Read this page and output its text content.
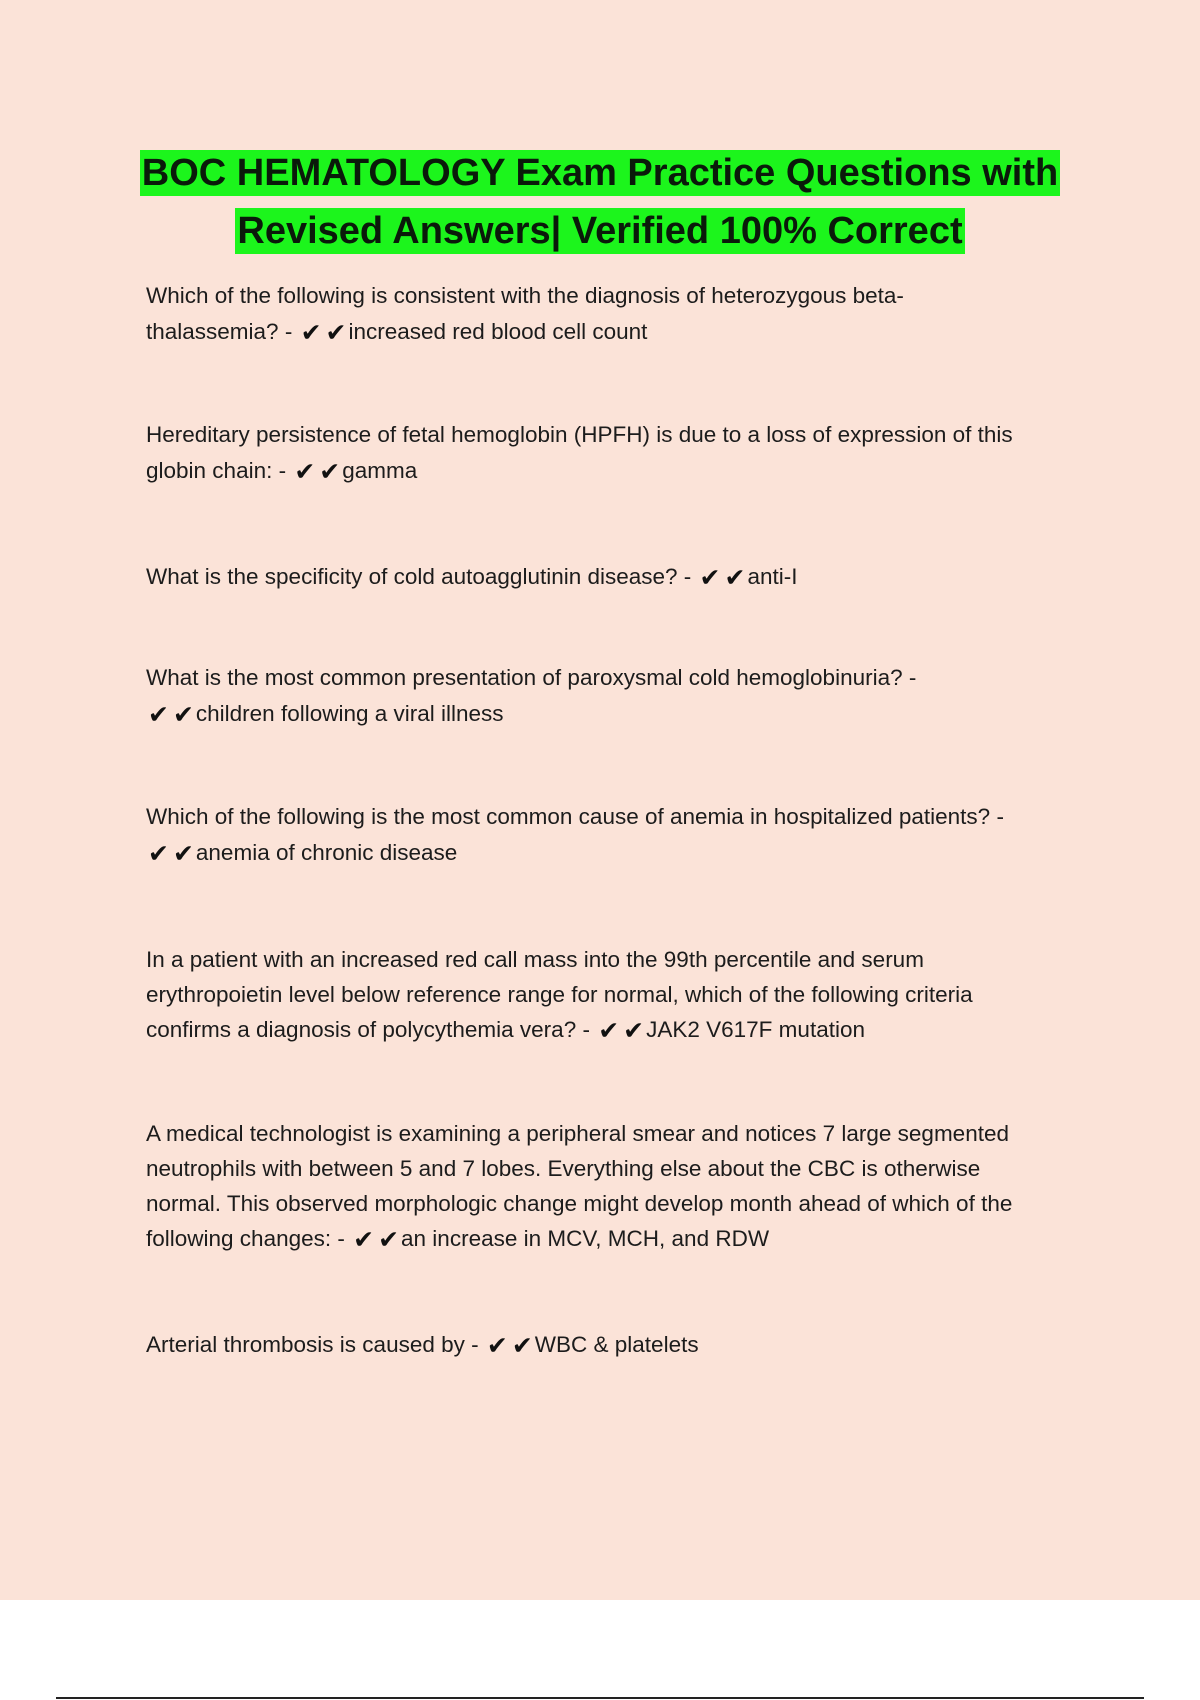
BOC HEMATOLOGY Exam Practice Questions with
Revised Answers| Verified 100% Correct
Which of the following is consistent with the diagnosis of heterozygous beta-
thalassemia? - ✔ ✔increased red blood cell count
Hereditary persistence of fetal hemoglobin (HPFH) is due to a loss of expression of this
globin chain: - ✔ ✔gamma
What is the specificity of cold autoagglutinin disease? - ✔ ✔anti-I
What is the most common presentation of paroxysmal cold hemoglobinuria? -
✔ ✔children following a viral illness
Which of the following is the most common cause of anemia in hospitalized patients? -
✔ ✔anemia of chronic disease
In a patient with an increased red call mass into the 99th percentile and serum
erythropoietin level below reference range for normal, which of the following criteria
confirms a diagnosis of polycythemia vera? - ✔ ✔JAK2 V617F mutation
A medical technologist is examining a peripheral smear and notices 7 large segmented
neutrophils with between 5 and 7 lobes. Everything else about the CBC is otherwise
normal. This observed morphologic change might develop month ahead of which of the
following changes: - ✔ ✔an increase in MCV, MCH, and RDW
Arterial thrombosis is caused by - ✔ ✔WBC & platelets
